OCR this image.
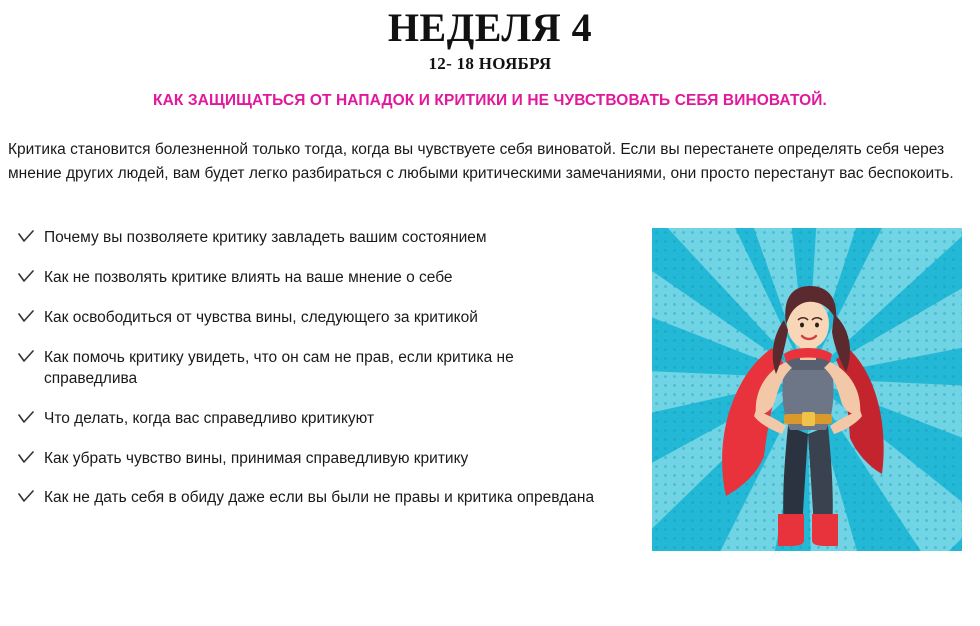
НЕДЕЛЯ 4
12- 18 НОЯБРЯ
КАК ЗАЩИЩАТЬСЯ ОТ НАПАДОК И КРИТИКИ И НЕ ЧУВСТВОВАТЬ СЕБЯ ВИНОВАТОЙ.
Критика становится болезненной только тогда, когда вы чувствуете себя виноватой. Если вы перестанете определять себя через мнение других людей, вам будет легко разбираться с любыми критическими замечаниями, они просто перестанут вас беспокоить.
Почему вы позволяете критику завладеть вашим состоянием
Как не позволять критике влиять на ваше мнение о себе
Как освободиться от чувства вины, следующего за критикой
Как помочь критику увидеть, что он сам не прав, если критика не справедлива
Что делать, когда вас справедливо критикуют
Как убрать чувство вины, принимая справедливую критику
Как не дать себя в обиду даже если вы были не правы и критика опревдана
